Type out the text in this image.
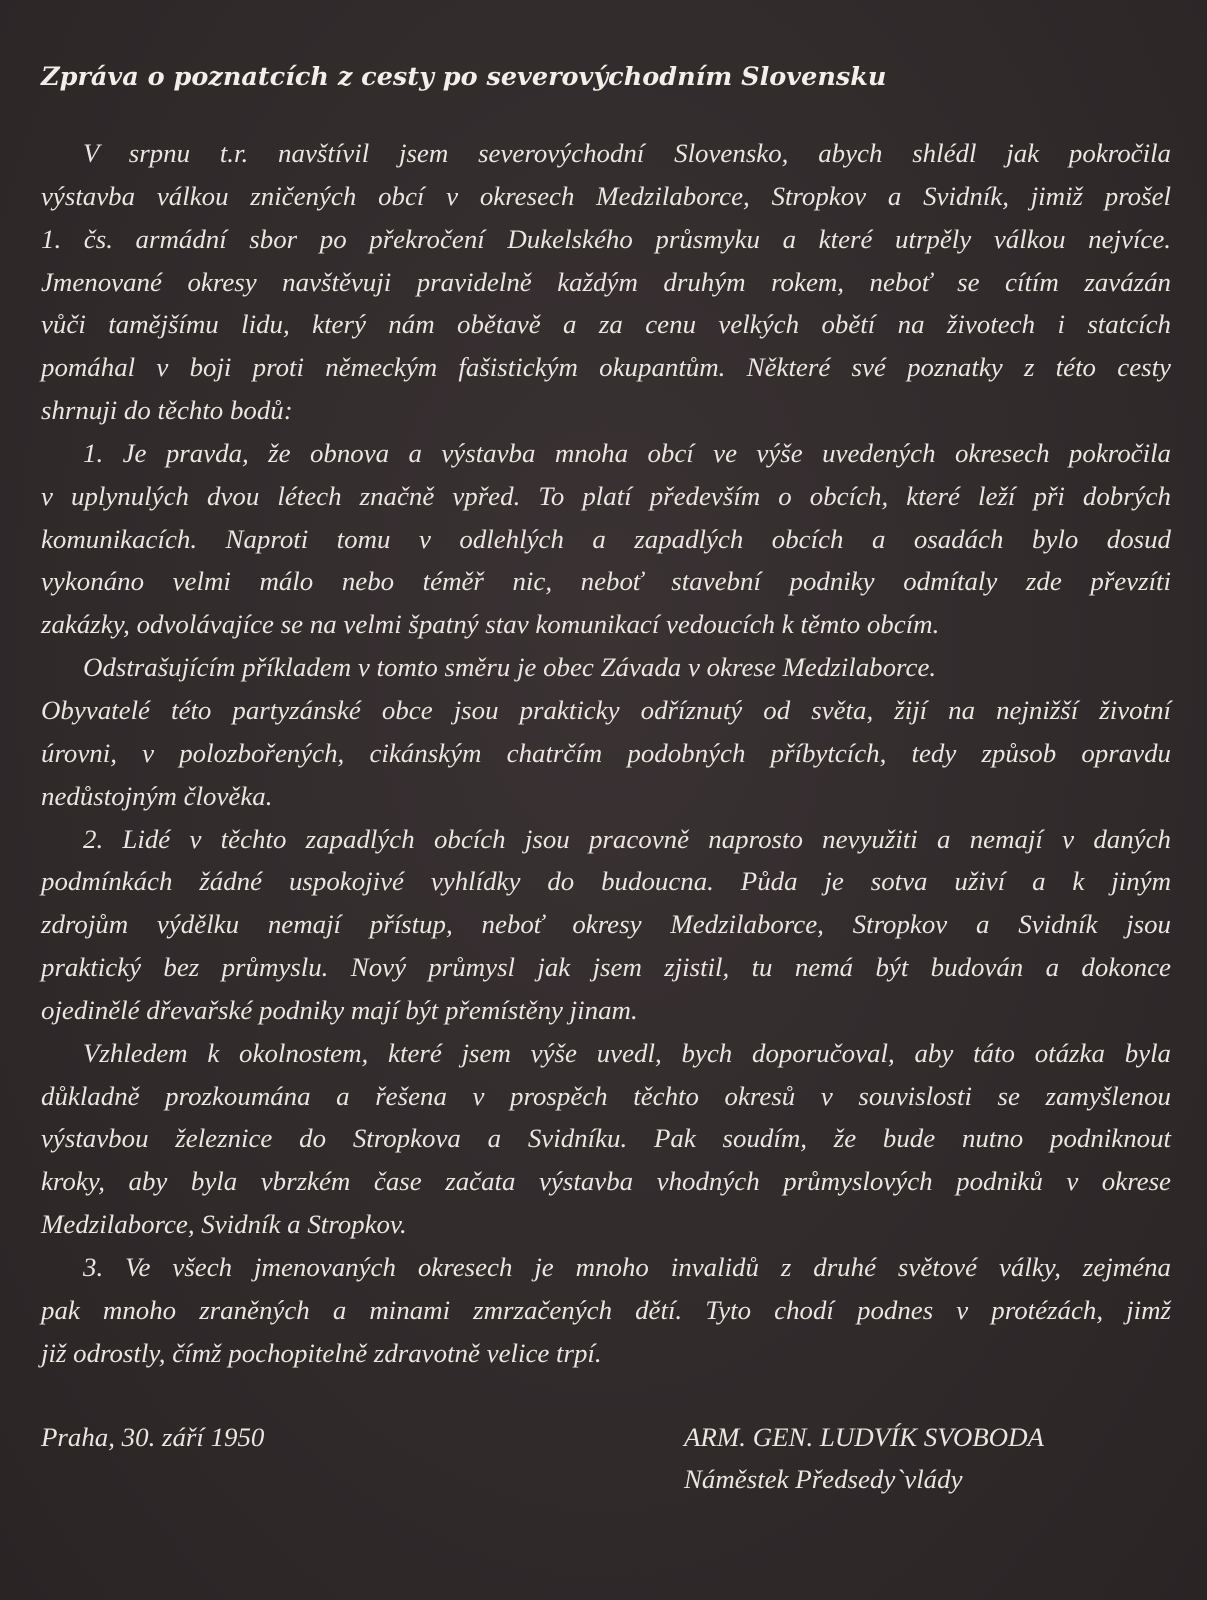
Zpráva o poznatcích z cesty po severovýchodním Slovensku
V srpnu t.r. navštívil jsem severovýchodní Slovensko, abych shlédl jak pokročila
výstavba válkou zničených obcí v okresech Medzilaborce, Stropkov a Svidník, jimiž prošel
1. čs. armádní sbor po překročení Dukelského průsmyku a které utrpěly válkou nejvíce.
Jmenované okresy navštěvuji pravidelně každým druhým rokem, neboť se cítím zavázán
vůči tamějšímu lidu, který nám obětavě a za cenu velkých obětí na životech i statcích
pomáhal v boji proti německým fašistickým okupantům. Některé své poznatky z této cesty
shrnuji do těchto bodů:
1. Je pravda, že obnova a výstavba mnoha obcí ve výše uvedených okresech pokročila
v uplynulých dvou létech značně vpřed. To platí především o obcích, které leží při dobrých
komunikacích. Naproti tomu v odlehlých a zapadlých obcích a osadách bylo dosud
vykonáno velmi málo nebo téměř nic, neboť stavební podniky odmítaly zde převzíti
zakázky, odvolávajíce se na velmi špatný stav komunikací vedoucích k těmto obcím.
Odstrašujícím příkladem v tomto směru je obec Závada v okrese Medzilaborce.
Obyvatelé této partyzánské obce jsou prakticky odříznutý od světa, žijí na nejnižší životní
úrovni, v polozbořených, cikánským chatrčím podobných příbytcích, tedy způsob opravdu
nedůstojným člověka.
2. Lidé v těchto zapadlých obcích jsou pracovně naprosto nevyužiti a nemají v daných
podmínkách žádné uspokojivé vyhlídky do budoucna. Půda je sotva uživí a k jiným
zdrojům výdělku nemají přístup, neboť okresy Medzilaborce, Stropkov a Svidník jsou
praktický bez průmyslu. Nový průmysl jak jsem zjistil, tu nemá být budován a dokonce
ojedinělé dřevařské podniky mají být přemístěny jinam.
Vzhledem k okolnostem, které jsem výše uvedl, bych doporučoval, aby táto otázka byla
důkladně prozkoumána a řešena v prospěch těchto okresů v souvislosti se zamyšlenou
výstavbou železnice do Stropkova a Svidníku. Pak soudím, že bude nutno podniknout
kroky, aby byla vbrzkém čase začata výstavba vhodných průmyslových podniků v okrese
Medzilaborce, Svidník a Stropkov.
3. Ve všech jmenovaných okresech je mnoho invalidů z druhé světové války, zejména
pak mnoho zraněných a minami zmrzačených dětí. Tyto chodí podnes v protézách, jimž
již odrostly, čímž pochopitelně zdravotně velice trpí.
Praha, 30. září 1950	ARM. GEN. LUDVÍK SVOBODA
Náměstek Předsedy`vlády
